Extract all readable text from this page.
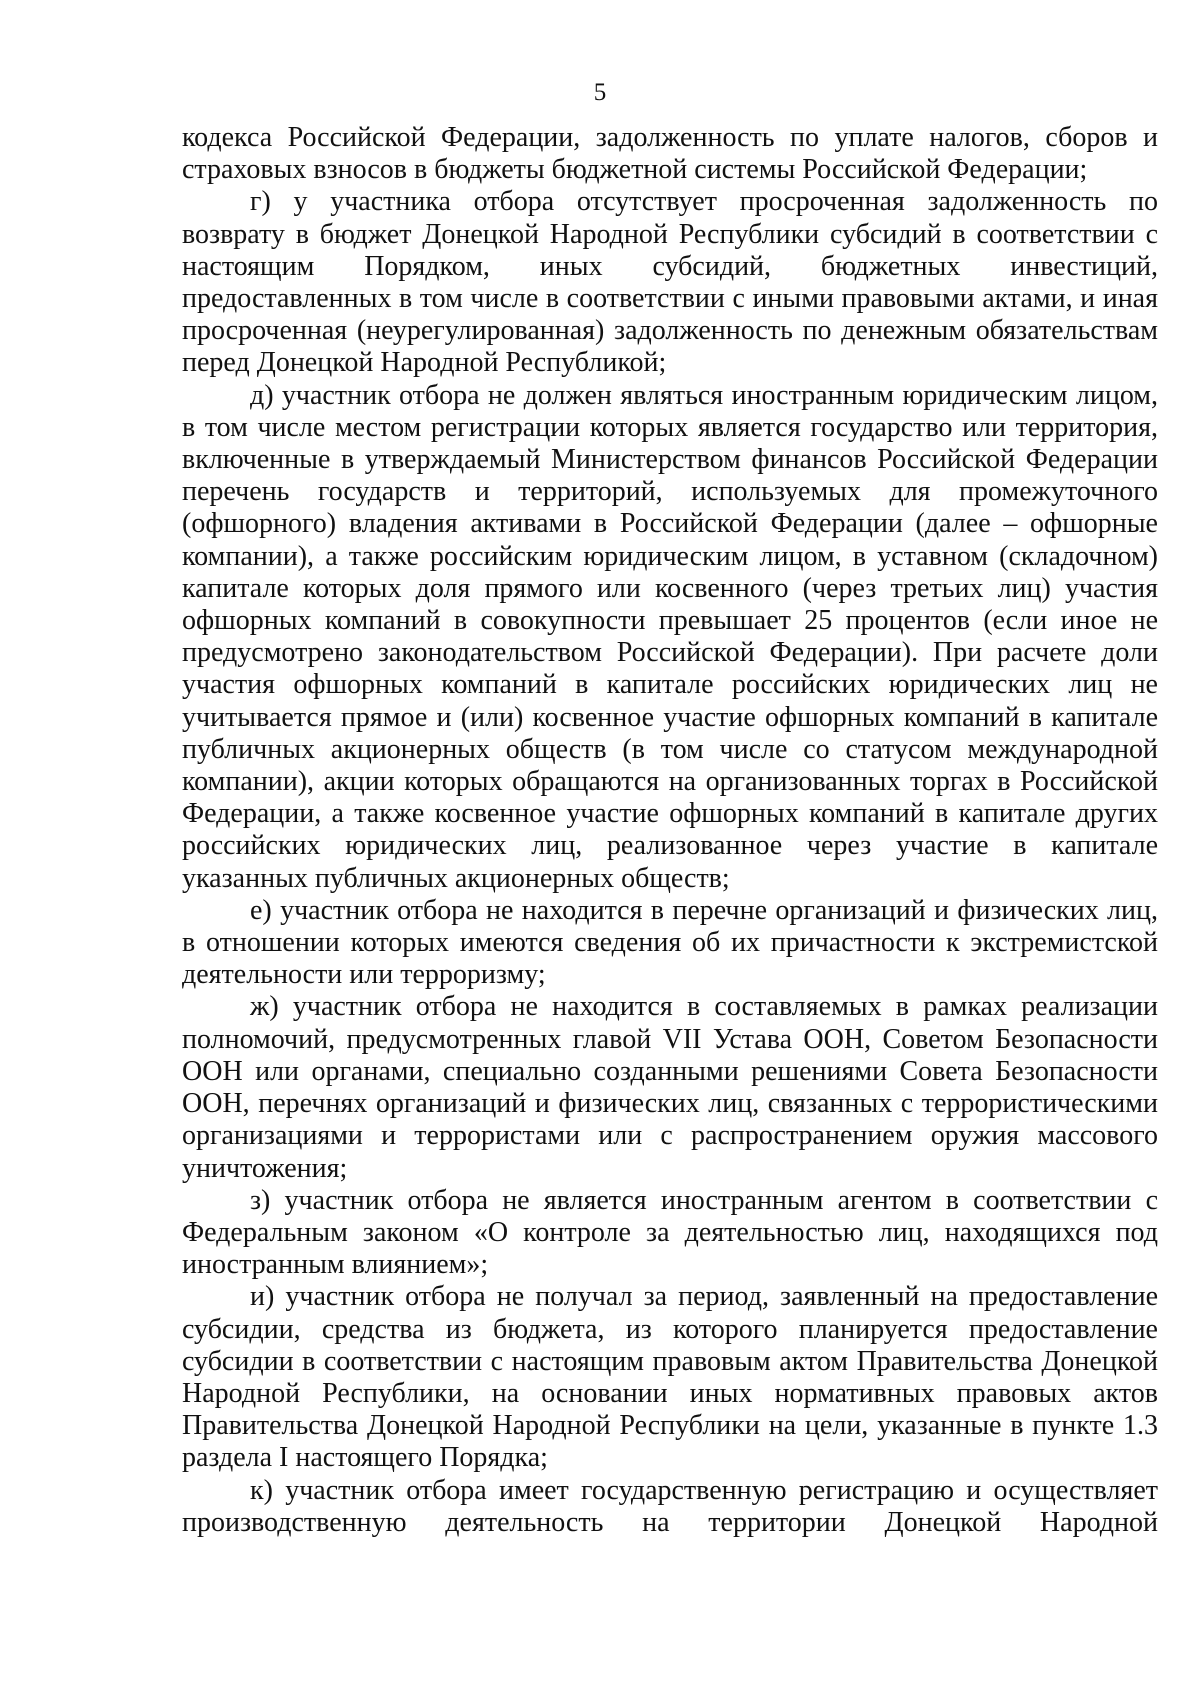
5

кодекса Российской Федерации, задолженность по уплате налогов, сборов и страховых взносов в бюджеты бюджетной системы Российской Федерации;

г) у участника отбора отсутствует просроченная задолженность по возврату в бюджет Донецкой Народной Республики субсидий в соответствии с настоящим Порядком, иных субсидий, бюджетных инвестиций, предоставленных в том числе в соответствии с иными правовыми актами, и иная просроченная (неурегулированная) задолженность по денежным обязательствам перед Донецкой Народной Республикой;

д) участник отбора не должен являться иностранным юридическим лицом, в том числе местом регистрации которых является государство или территория, включенные в утверждаемый Министерством финансов Российской Федерации перечень государств и территорий, используемых для промежуточного (офшорного) владения активами в Российской Федерации (далее – офшорные компании), а также российским юридическим лицом, в уставном (складочном) капитале которых доля прямого или косвенного (через третьих лиц) участия офшорных компаний в совокупности превышает 25 процентов (если иное не предусмотрено законодательством Российской Федерации). При расчете доли участия офшорных компаний в капитале российских юридических лиц не учитывается прямое и (или) косвенное участие офшорных компаний в капитале публичных акционерных обществ (в том числе со статусом международной компании), акции которых обращаются на организованных торгах в Российской Федерации, а также косвенное участие офшорных компаний в капитале других российских юридических лиц, реализованное через участие в капитале указанных публичных акционерных обществ;

е) участник отбора не находится в перечне организаций и физических лиц, в отношении которых имеются сведения об их причастности к экстремистской деятельности или терроризму;

ж) участник отбора не находится в составляемых в рамках реализации полномочий, предусмотренных главой VII Устава ООН, Советом Безопасности ООН или органами, специально созданными решениями Совета Безопасности ООН, перечнях организаций и физических лиц, связанных с террористическими организациями и террористами или с распространением оружия массового уничтожения;

з) участник отбора не является иностранным агентом в соответствии с Федеральным законом «О контроле за деятельностью лиц, находящихся под иностранным влиянием»;

и) участник отбора не получал за период, заявленный на предоставление субсидии, средства из бюджета, из которого планируется предоставление субсидии в соответствии с настоящим правовым актом Правительства Донецкой Народной Республики, на основании иных нормативных правовых актов Правительства Донецкой Народной Республики на цели, указанные в пункте 1.3 раздела I настоящего Порядка;

к) участник отбора имеет государственную регистрацию и осуществляет производственную деятельность на территории Донецкой Народной
